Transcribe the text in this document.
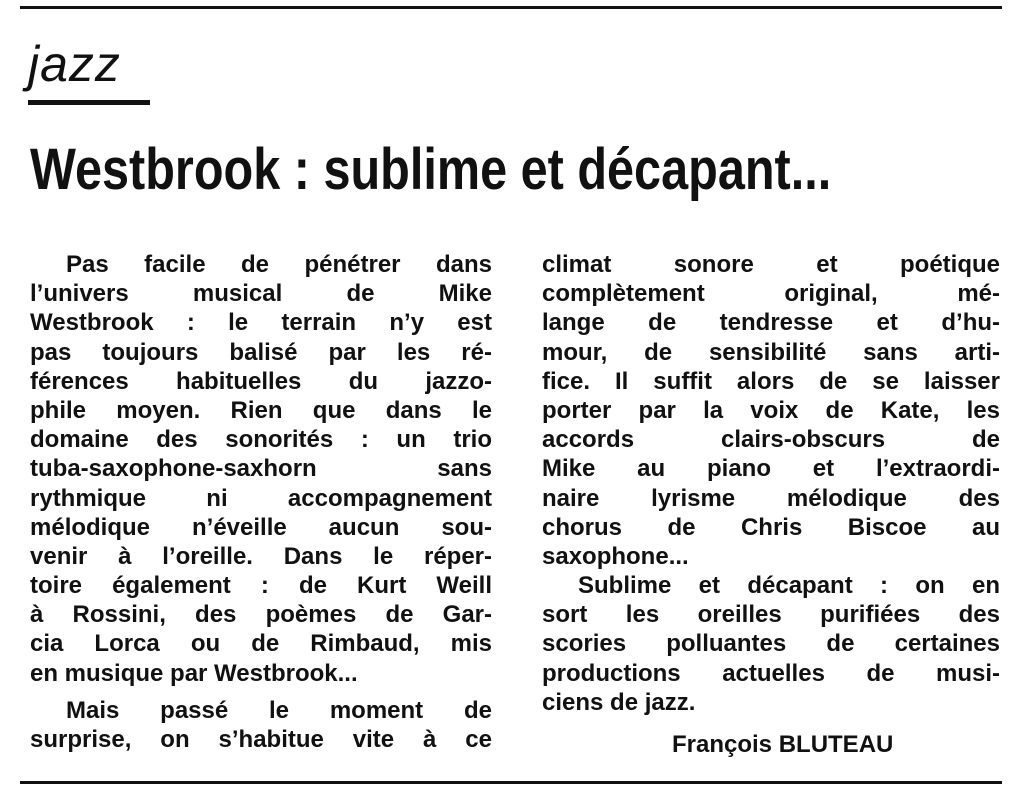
jazz

Westbrook : sublime et décapant...
Pas facile de pénétrer dans
l’univers musical de Mike
Westbrook : le terrain n’y est
pas toujours balisé par les ré-
férences habituelles du jazzo-
phile moyen. Rien que dans le
domaine des sonorités : un trio
tuba-saxophone-saxhorn sans
rythmique ni accompagnement
mélodique n’éveille aucun sou-
venir à l’oreille. Dans le réper-
toire également : de Kurt Weill
à Rossini, des poèmes de Gar-
cia Lorca ou de Rimbaud, mis
en musique par Westbrook...
Mais passé le moment de
surprise, on s’habitue vite à ce
climat sonore et poétique
complètement original, mé-
lange de tendresse et d’hu-
mour, de sensibilité sans arti-
fice. Il suffit alors de se laisser
porter par la voix de Kate, les
accords clairs-obscurs de
Mike au piano et l’extraordi-
naire lyrisme mélodique des
chorus de Chris Biscoe au
saxophone...
Sublime et décapant : on en
sort les oreilles purifiées des
scories polluantes de certaines
productions actuelles de musi-
ciens de jazz.

François BLUTEAU
